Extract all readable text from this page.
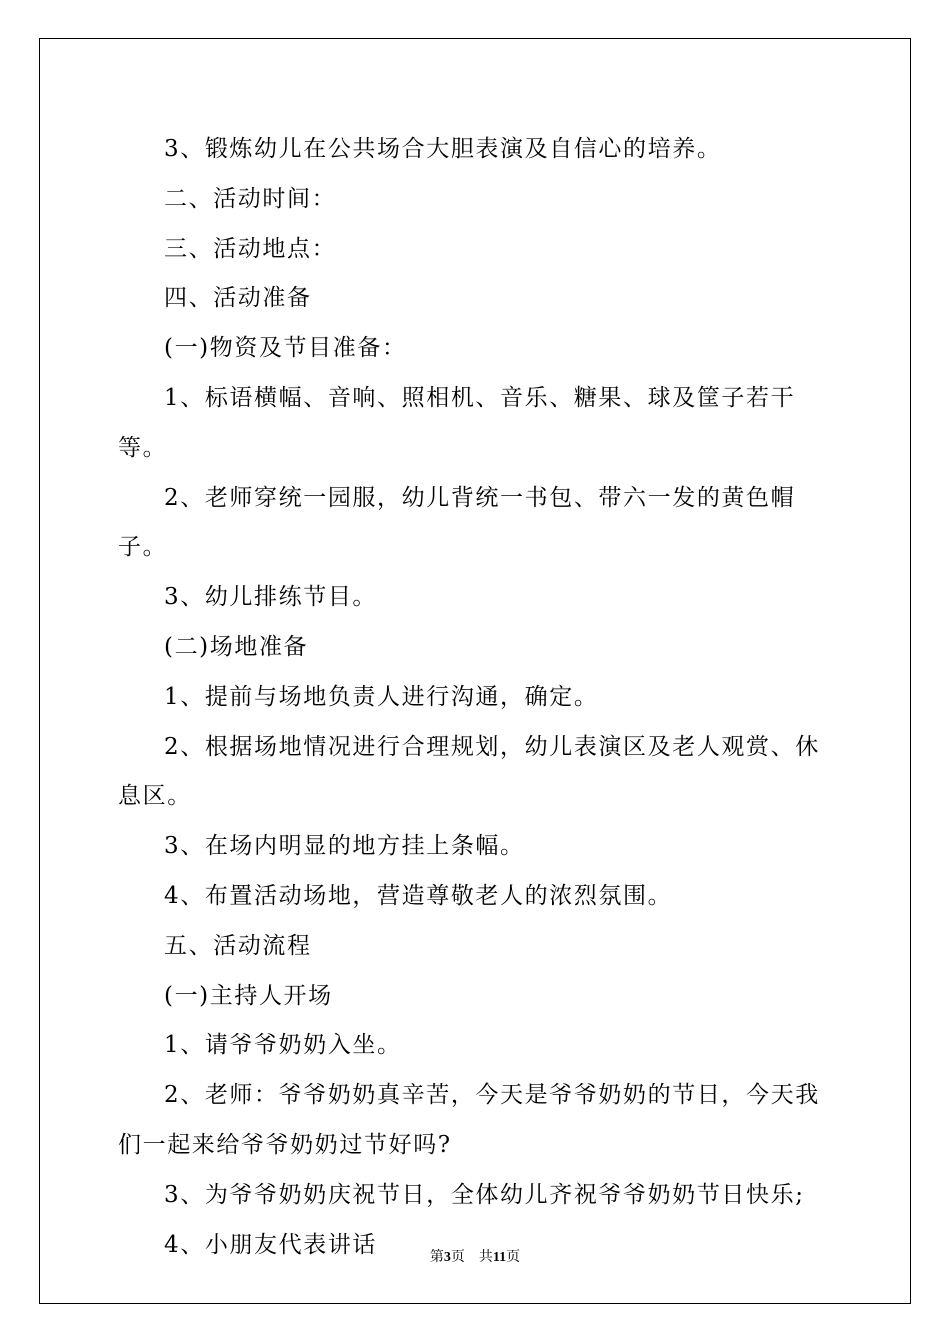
3、锻炼幼儿在公共场合大胆表演及自信心的培养。

二、活动时间：

三、活动地点：

四、活动准备

(一)物资及节目准备：

1、标语横幅、音响、照相机、音乐、糖果、球及筐子若干等。

2、老师穿统一园服，幼儿背统一书包、带六一发的黄色帽子。

3、幼儿排练节目。

(二)场地准备

1、提前与场地负责人进行沟通，确定。

2、根据场地情况进行合理规划，幼儿表演区及老人观赏、休息区。

3、在场内明显的地方挂上条幅。

4、布置活动场地，营造尊敬老人的浓烈氛围。

五、活动流程

(一)主持人开场

1、请爷爷奶奶入坐。

2、老师：爷爷奶奶真辛苦，今天是爷爷奶奶的节日，今天我们一起来给爷爷奶奶过节好吗?

3、为爷爷奶奶庆祝节日，全体幼儿齐祝爷爷奶奶节日快乐;

4、小朋友代表讲话	第3页 共11页
